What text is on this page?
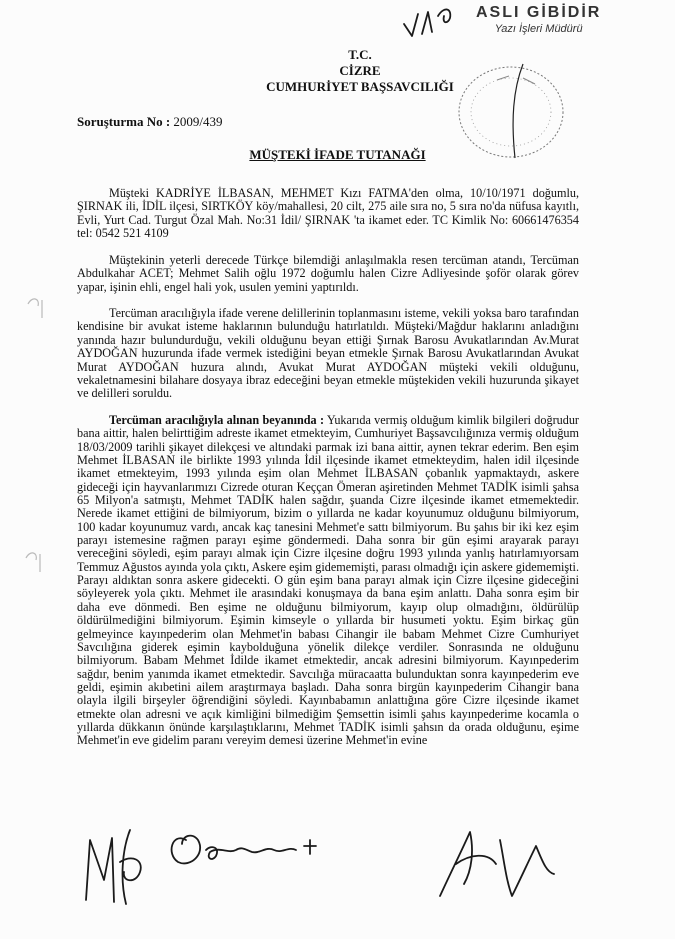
ASLI GİBİDİR
Yazı İşleri Müdürü
T.C.
CİZRE
CUMHURİYET BAŞSAVCILIĞI
Soruşturma No : 2009/439
MÜŞTEKİ İFADE TUTANAĞI
Müşteki KADRİYE İLBASAN, MEHMET Kızı FATMA'den olma, 10/10/1971 doğumlu, ŞIRNAK ili, İDİL ilçesi, SIRTKÖY köy/mahallesi, 20 cilt, 275 aile sıra no, 5 sıra no'da nüfusa kayıtlı, Evli, Yurt Cad. Turgut Özal Mah. No:31 İdil/ ŞIRNAK 'ta ikamet eder. TC Kimlik No: 60661476354 tel: 0542 521 4109
Müştekinin yeterli derecede Türkçe bilemdiği anlaşılmakla resen tercüman atandı, Tercüman Abdulkahar ACET; Mehmet Salih oğlu 1972 doğumlu halen Cizre Adliyesinde şoför olarak görev yapar, işinin ehli, engel hali yok, usulen yemini yaptırıldı.
Tercüman aracılığıyla ifade verene delillerinin toplanmasını isteme, vekili yoksa baro tarafından kendisine bir avukat isteme haklarının bulunduğu hatırlatıldı. Müşteki/Mağdur haklarını anladığını yanında hazır bulundurduğu, vekili olduğunu beyan ettiği Şırnak Barosu Avukatlarından Av.Murat AYDOĞAN huzurunda ifade vermek istediğini beyan etmekle Şırnak Barosu Avukatlarından Avukat Murat AYDOĞAN huzura alındı, Avukat Murat AYDOĞAN müşteki vekili olduğunu, vekaletnamesini bilahare dosyaya ibraz edeceğini beyan etmekle müştekiden vekili huzurunda şikayet ve delilleri soruldu.
Tercüman aracılığıyla alınan beyanında : Yukarıda vermiş olduğum kimlik bilgileri doğrudur bana aittir, halen belirttiğim adreste ikamet etmekteyim, Cumhuriyet Başsavcılığınıza vermiş olduğum 18/03/2009 tarihli şikayet dilekçesi ve altındaki parmak izi bana aittir, aynen tekrar ederim. Ben eşim Mehmet İLBASAN ile birlikte 1993 yılında İdil ilçesinde ikamet etmekteydim, halen idil ilçesinde ikamet etmekteyim, 1993 yılında eşim olan Mehmet İLBASAN çobanlık yapmaktaydı, askere gideceği için hayvanlarımızı Cizrede oturan Keççan Ömeran aşiretinden Mehmet TADİK isimli şahsa 65 Milyon'a satmıştı, Mehmet TADİK halen sağdır, şuanda Cizre ilçesinde ikamet etmemektedir. Nerede ikamet ettiğini de bilmiyorum, bizim o yıllarda ne kadar koyunumuz olduğunu bilmiyorum, 100 kadar koyunumuz vardı, ancak kaç tanesini Mehmet'e sattı bilmiyorum. Bu şahıs bir iki kez eşim parayı istemesine rağmen parayı eşime göndermedi. Daha sonra bir gün eşimi arayarak parayı vereceğini söyledi, eşim parayı almak için Cizre ilçesine doğru 1993 yılında yanlış hatırlamıyorsam Temmuz Ağustos ayında yola çıktı, Askere eşim gidememişti, parası olmadığı için askere gidememişti. Parayı aldıktan sonra askere gidecekti. O gün eşim bana parayı almak için Cizre ilçesine gideceğini söyleyerek yola çıktı. Mehmet ile arasındaki konuşmaya da bana eşim anlattı. Daha sonra eşim bir daha eve dönmedi. Ben eşime ne olduğunu bilmiyorum, kayıp olup olmadığını, öldürülüp öldürülmediğini bilmiyorum. Eşimin kimseyle o yıllarda bir husumeti yoktu. Eşim birkaç gün gelmeyince kayınpederim olan Mehmet'in babası Cihangir ile babam Mehmet Cizre Cumhuriyet Savcılığına giderek eşimin kaybolduğuna yönelik dilekçe verdiler. Sonrasında ne olduğunu bilmiyorum. Babam Mehmet İdilde ikamet etmektedir, ancak adresini bilmiyorum. Kayınpederim sağdır, benim yanımda ikamet etmektedir. Savcılığa müracaatta bulunduktan sonra kayınpederim eve geldi, eşimin akıbetini ailem araştırmaya başladı. Daha sonra birgün kayınpederim Cihangir bana olayla ilgili birşeyler öğrendiğini söyledi. Kayınbabamın anlattığına göre Cizre ilçesinde ikamet etmekte olan adresni ve açık kimliğini bilmediğim Şemsettin isimli şahıs kayınpederime kocamla o yıllarda dükkanın önünde karşılaştıklarını, Mehmet TADİK isimli şahsın da orada olduğunu, eşime Mehmet'in eve gidelim paranı vereyim demesi üzerine Mehmet'in evine
